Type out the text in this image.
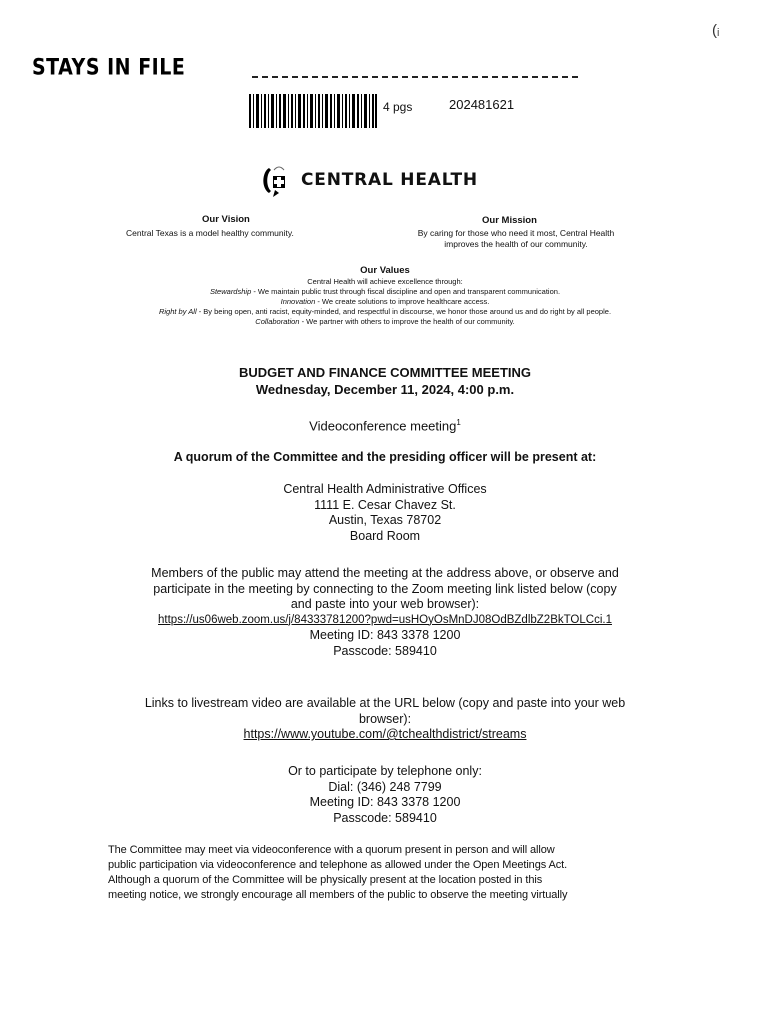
STAYS IN FILE
(ᵢ
4 pgs	202481621
CENTRAL HEALTH
Our Vision
Central Texas is a model healthy community.
Our Mission
By caring for those who need it most, Central Health
improves the health of our community.
Our Values
Central Health will achieve excellence through:
Stewardship - We maintain public trust through fiscal discipline and open and transparent communication.
Innovation - We create solutions to improve healthcare access.
Right by All - By being open, anti racist, equity-minded, and respectful in discourse, we honor those around us and do right by all people.
Collaboration - We partner with others to improve the health of our community.
BUDGET AND FINANCE COMMITTEE MEETING
Wednesday, December 11, 2024, 4:00 p.m.
Videoconference meeting$^1$
A quorum of the Committee and the presiding officer will be present at:
Central Health Administrative Offices
1111 E. Cesar Chavez St.
Austin, Texas 78702
Board Room
Members of the public may attend the meeting at the address above, or observe and
participate in the meeting by connecting to the Zoom meeting link listed below (copy
and paste into your web browser):
https://us06web.zoom.us/j/84333781200?pwd=usHOyOsMnDJ08OdBZdlbZ2BkTOLCci.1
Meeting ID: 843 3378 1200
Passcode: 589410
Links to livestream video are available at the URL below (copy and paste into your web
browser):
https://www.youtube.com/@tchealthdistrict/streams
Or to participate by telephone only:
Dial: (346) 248 7799
Meeting ID: 843 3378 1200
Passcode: 589410
The Committee may meet via videoconference with a quorum present in person and will allow
public participation via videoconference and telephone as allowed under the Open Meetings Act.
Although a quorum of the Committee will be physically present at the location posted in this
meeting notice, we strongly encourage all members of the public to observe the meeting virtually
